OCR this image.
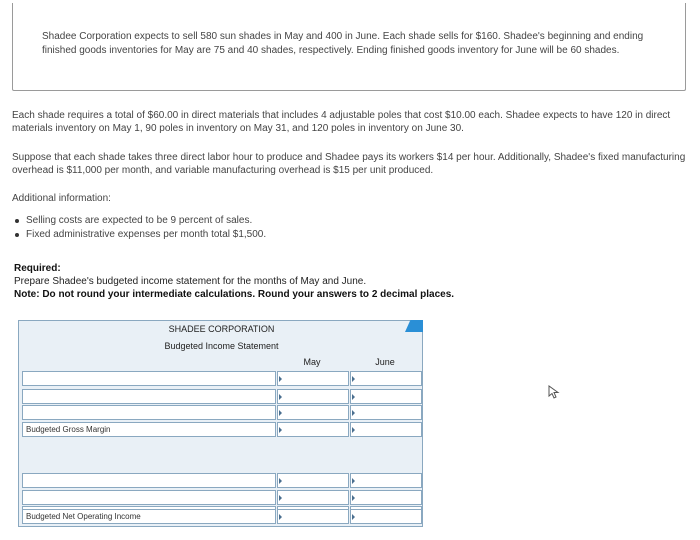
Shadee Corporation expects to sell 580 sun shades in May and 400 in June. Each shade sells for $160. Shadee's beginning and ending finished goods inventories for May are 75 and 40 shades, respectively. Ending finished goods inventory for June will be 60 shades.
Each shade requires a total of $60.00 in direct materials that includes 4 adjustable poles that cost $10.00 each. Shadee expects to have 120 in direct materials inventory on May 1, 90 poles in inventory on May 31, and 120 poles in inventory on June 30.
Suppose that each shade takes three direct labor hour to produce and Shadee pays its workers $14 per hour. Additionally, Shadee's fixed manufacturing overhead is $11,000 per month, and variable manufacturing overhead is $15 per unit produced.
Additional information:
Selling costs are expected to be 9 percent of sales.
Fixed administrative expenses per month total $1,500.
Required:
Prepare Shadee's budgeted income statement for the months of May and June.
Note: Do not round your intermediate calculations. Round your answers to 2 decimal places.
SHADEE CORPORATION
Budgeted Income Statement
May	June
Budgeted Gross Margin
Budgeted Net Operating Income
